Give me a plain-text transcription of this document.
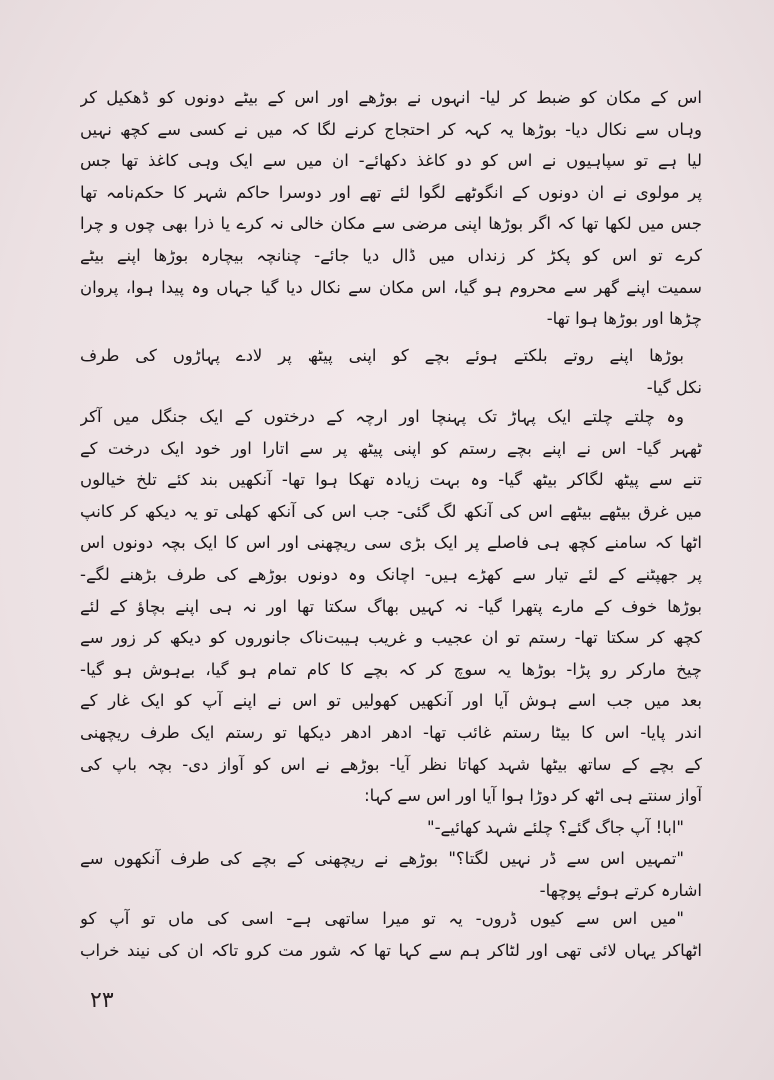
اس کے مکان کو ضبط کر لیا- انہوں نے بوڑھے اور اس کے بیٹے دونوں کو ڈھکیل کر
وہاں سے نکال دیا- بوڑھا یہ کہہ کر احتجاج کرنے لگا کہ میں نے کسی سے کچھ نہیں
لیا ہے تو سپاہیوں نے اس کو دو کاغذ دکھائے- ان میں سے ایک وہی کاغذ تھا جس
پر مولوی نے ان دونوں کے انگوٹھے لگوا لئے تھے اور دوسرا حاکم شہر کا حکم‌نامہ تھا
جس میں لکھا تھا کہ اگر بوڑھا اپنی مرضی سے مکان خالی نہ کرے یا ذرا بھی چوں و چرا
کرے تو اس کو پکڑ کر زنداں میں ڈال دیا جائے- چنانچہ بیچارہ بوڑھا اپنے بیٹے
سمیت اپنے گھر سے محروم ہو گیا، اس مکان سے نکال دیا گیا جہاں وہ پیدا ہوا، پروان
چڑھا اور بوڑھا ہوا تھا-
بوڑھا اپنے روتے بلکتے ہوئے بچے کو اپنی پیٹھ پر لادے پہاڑوں کی طرف
نکل گیا-
وہ چلتے چلتے ایک پہاڑ تک پہنچا اور ارچہ کے درختوں کے ایک جنگل میں آکر
ٹھہر گیا- اس نے اپنے بچے رستم کو اپنی پیٹھ پر سے اتارا اور خود ایک درخت کے
تنے سے پیٹھ لگاکر بیٹھ گیا- وہ بہت زیادہ تھکا ہوا تھا- آنکھیں بند کئے تلخ خیالوں
میں غرق بیٹھے بیٹھے اس کی آنکھ لگ گئی- جب اس کی آنکھ کھلی تو یہ دیکھ کر کانپ
اٹھا کہ سامنے کچھ ہی فاصلے پر ایک بڑی سی ریچھنی اور اس کا ایک بچہ دونوں اس
پر جھپٹنے کے لئے تیار سے کھڑے ہیں- اچانک وہ دونوں بوڑھے کی طرف بڑھنے لگے-
بوڑھا خوف کے مارے پتھرا گیا- نہ کہیں بھاگ سکتا تھا اور نہ ہی اپنے بچاؤ کے لئے
کچھ کر سکتا تھا- رستم تو ان عجیب و غریب ہیبت‌ناک جانوروں کو دیکھ کر زور سے
چیخ مارکر رو پڑا- بوڑھا یہ سوچ کر کہ بچے کا کام تمام ہو گیا، بےہوش ہو گیا-
بعد میں جب اسے ہوش آیا اور آنکھیں کھولیں تو اس نے اپنے آپ کو ایک غار کے
اندر پایا- اس کا بیٹا رستم غائب تھا- ادھر ادھر دیکھا تو رستم ایک طرف ریچھنی
کے بچے کے ساتھ بیٹھا شہد کھاتا نظر آیا- بوڑھے نے اس کو آواز دی- بچہ باپ کی
آواز سنتے ہی اٹھ کر دوڑا ہوا آیا اور اس سے کہا:
"ابا! آپ جاگ گئے؟ چلئے شہد کھائیے-"
"تمہیں اس سے ڈر نہیں لگتا؟" بوڑھے نے ریچھنی کے بچے کی طرف آنکھوں سے
اشارہ کرتے ہوئے پوچھا-
"میں اس سے کیوں ڈروں- یہ تو میرا ساتھی ہے- اسی کی ماں تو آپ کو
اٹھاکر یہاں لائی تھی اور لٹاکر ہم سے کہا تھا کہ شور مت کرو تاکہ ان کی نیند خراب
۲۳
